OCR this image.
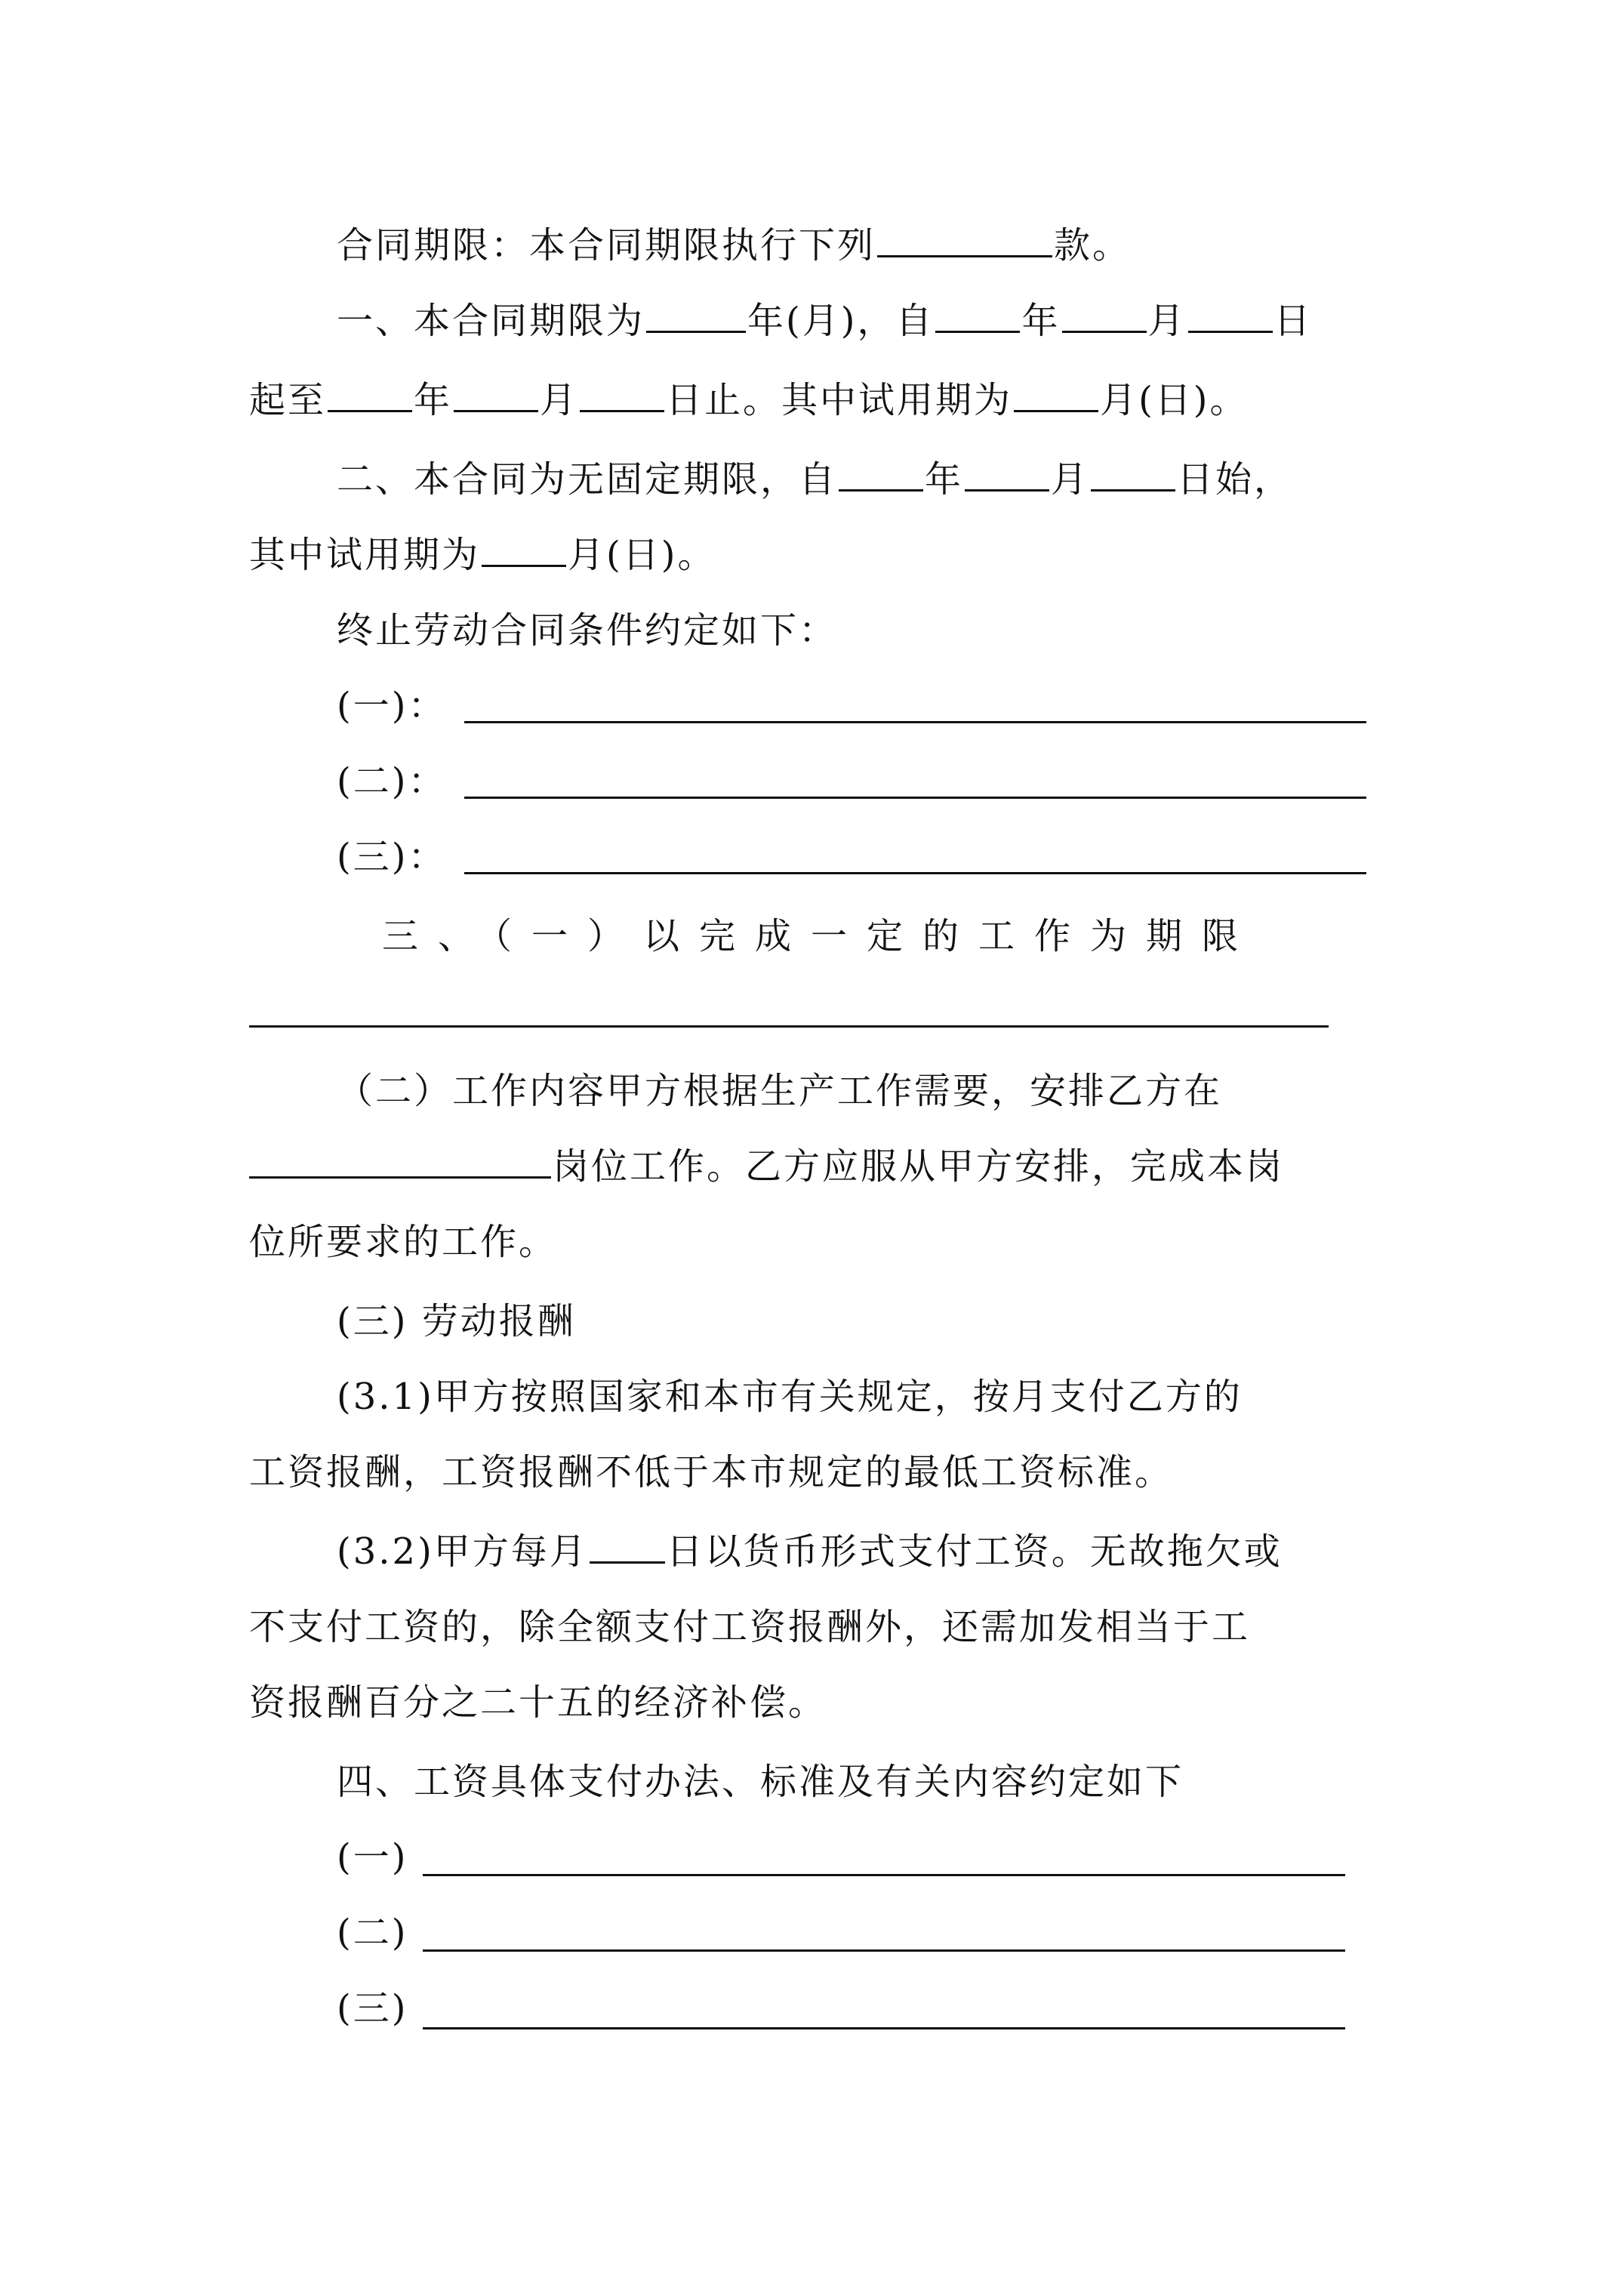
合同期限：本合同期限执行下列	款。
一、本合同期限为	年(月)，自 年 月 日
起至 年 月 日止。其中试用期为 月(日)。
二、本合同为无固定期限，自 年 月 日始，
其中试用期为 月(日)。
终止劳动合同条件约定如下：
(一)：
(二)：
(三)：
三、（一）以完成一定的工作为期限
（二）工作内容甲方根据生产工作需要，安排乙方在
岗位工作。乙方应服从甲方安排，完成本岗
位所要求的工作。
(三) 劳动报酬
(3.1)甲方按照国家和本市有关规定，按月支付乙方的
工资报酬，工资报酬不低于本市规定的最低工资标准。
(3.2)甲方每月 日以货币形式支付工资。无故拖欠或
不支付工资的，除全额支付工资报酬外，还需加发相当于工
资报酬百分之二十五的经济补偿。
四、工资具体支付办法、标准及有关内容约定如下
(一)
(二)
(三)
